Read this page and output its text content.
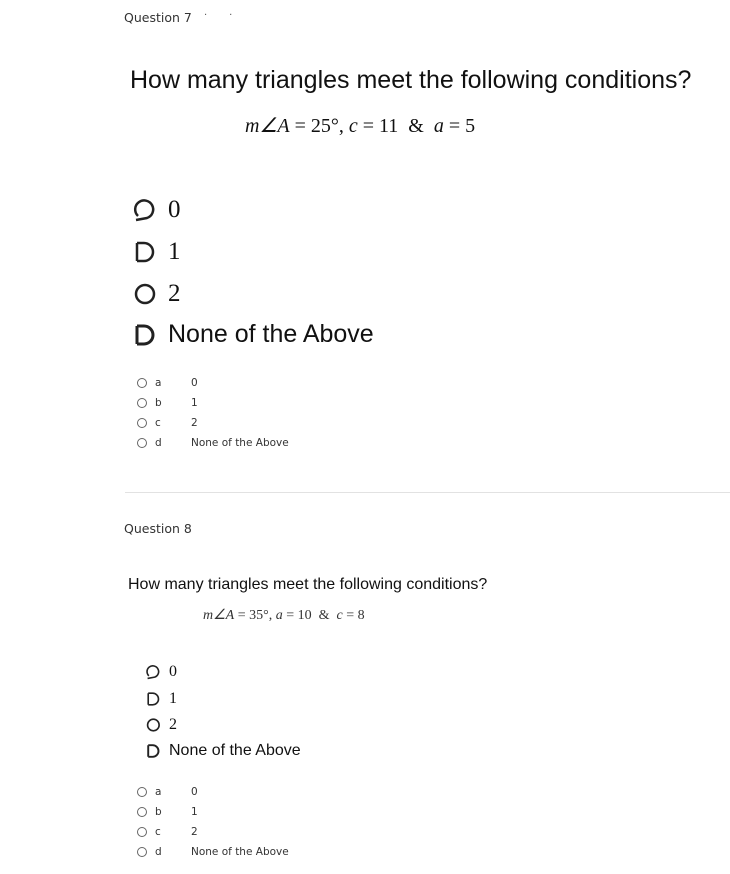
Question 7 ··
How many triangles meet the following conditions?
m∠A = 25°, c = 11  &  a = 5
0
1
2
None of the Above
a	0
b	1
c	2
d	None of the Above
Question 8
How many triangles meet the following conditions?
m∠A = 35°, a = 10  &  c = 8
0
1
2
None of the Above
a	0
b	1
c	2
d	None of the Above
